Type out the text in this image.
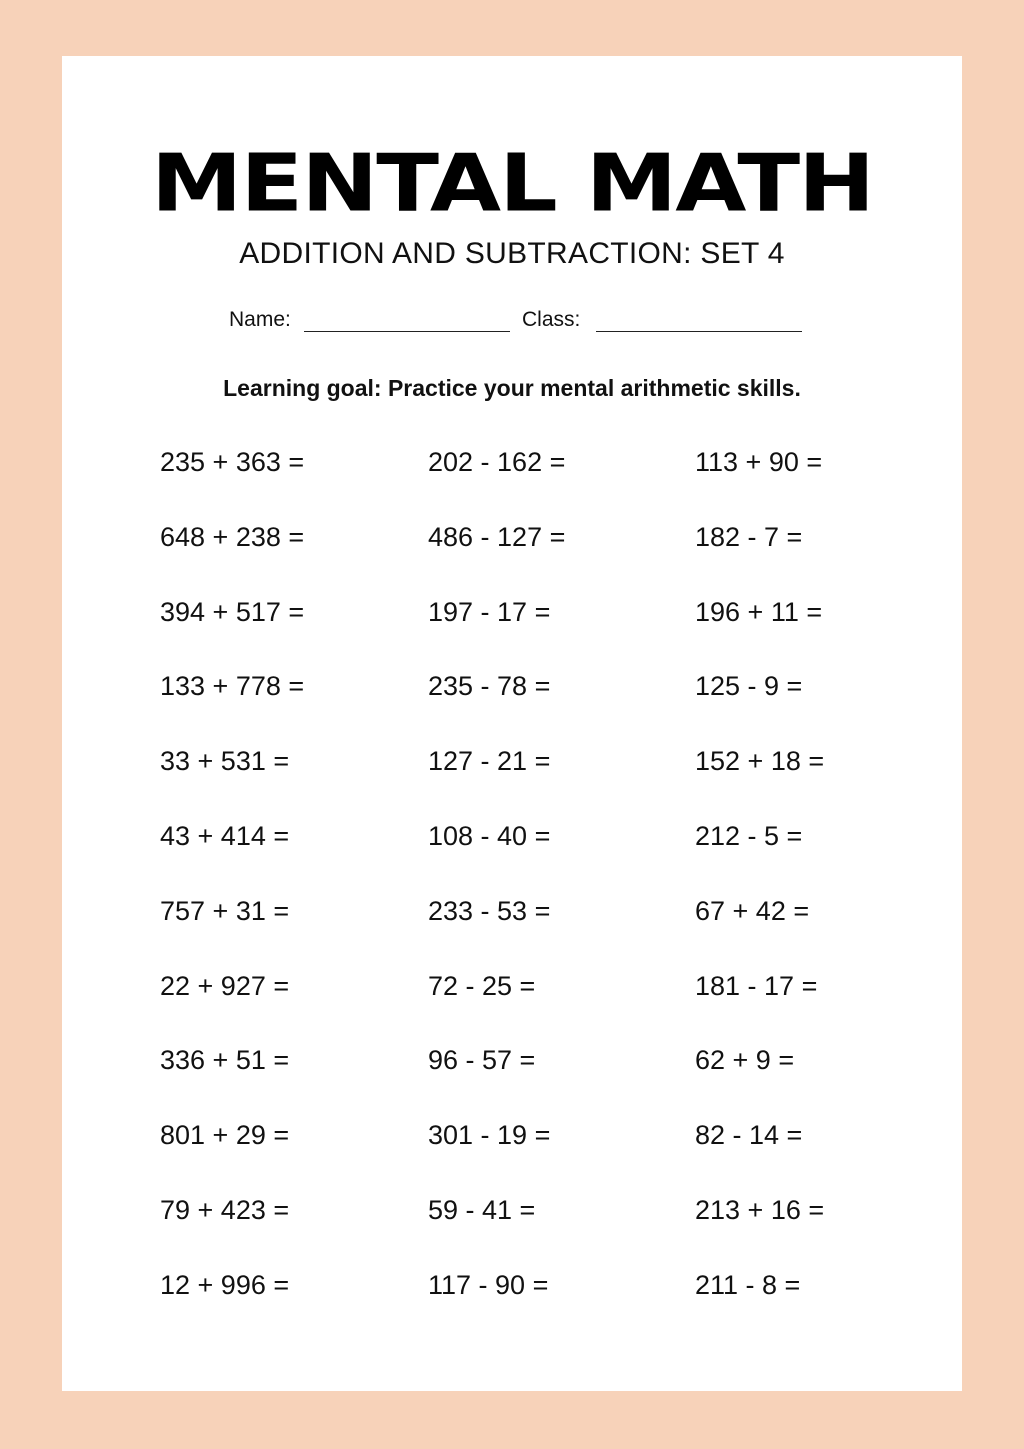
MENTAL MATH
ADDITION AND SUBTRACTION: SET 4
Name:	Class:
Learning goal: Practice your mental arithmetic skills.
235 + 363 =
648 + 238 =
394 + 517 =
133 + 778 =
33 + 531 =
43 + 414 =
757 + 31 =
22 + 927 =
336 + 51 =
801 + 29 =
79 + 423 =
12 + 996 =
202 - 162 =
486 - 127 =
197 - 17 =
235 - 78 =
127 - 21 =
108 - 40 =
233 - 53 =
72 - 25 =
96 - 57 =
301 - 19 =
59 - 41 =
117 - 90 =
113 + 90 =
182 - 7 =
196 + 11 =
125 - 9 =
152 + 18 =
212 - 5 =
67 + 42 =
181 - 17 =
62 + 9 =
82 - 14 =
213 + 16 =
211 - 8 =
